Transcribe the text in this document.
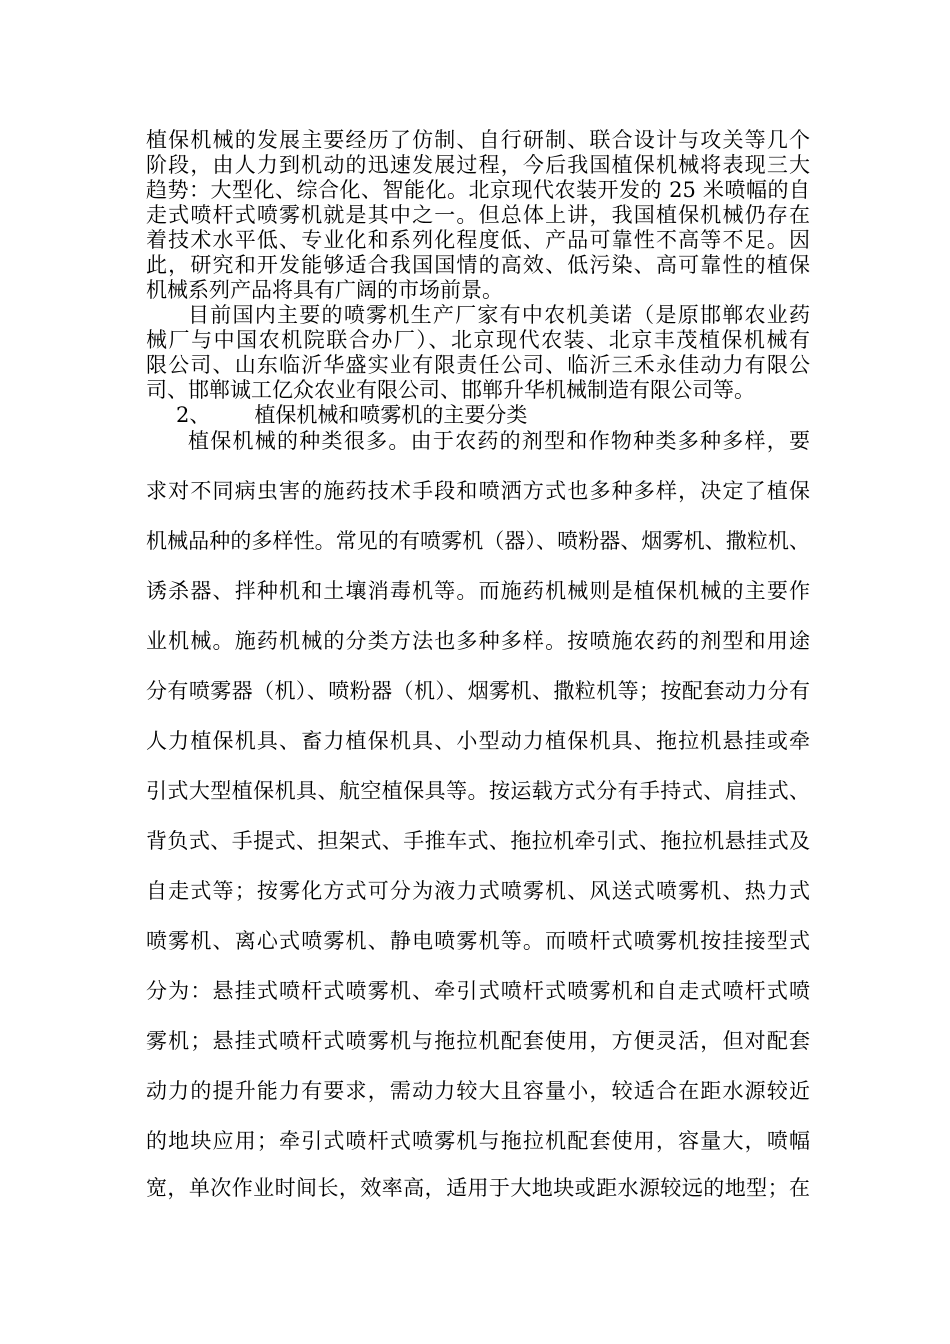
植保机械的发展主要经历了仿制、自行研制、联合设计与攻关等几个
阶段，由人力到机动的迅速发展过程，今后我国植保机械将表现三大
趋势：大型化、综合化、智能化。北京现代农装开发的 25 米喷幅的自
走式喷杆式喷雾机就是其中之一。但总体上讲，我国植保机械仍存在
着技术水平低、专业化和系列化程度低、产品可靠性不高等不足。因
此，研究和开发能够适合我国国情的高效、低污染、高可靠性的植保
机械系列产品将具有广阔的市场前景。
目前国内主要的喷雾机生产厂家有中农机美诺（是原邯郸农业药
械厂与中国农机院联合办厂）、北京现代农装、北京丰茂植保机械有
限公司、山东临沂华盛实业有限责任公司、临沂三禾永佳动力有限公
司、邯郸诚工亿众农业有限公司、邯郸升华机械制造有限公司等。
2、 植保机械和喷雾机的主要分类
植保机械的种类很多。由于农药的剂型和作物种类多种多样，要
求对不同病虫害的施药技术手段和喷洒方式也多种多样，决定了植保
机械品种的多样性。常见的有喷雾机（器）、喷粉器、烟雾机、撒粒机、
诱杀器、拌种机和土壤消毒机等。而施药机械则是植保机械的主要作
业机械。施药机械的分类方法也多种多样。按喷施农药的剂型和用途
分有喷雾器（机）、喷粉器（机）、烟雾机、撒粒机等；按配套动力分有
人力植保机具、畜力植保机具、小型动力植保机具、拖拉机悬挂或牵
引式大型植保机具、航空植保具等。按运载方式分有手持式、肩挂式、
背负式、手提式、担架式、手推车式、拖拉机牵引式、拖拉机悬挂式及
自走式等；按雾化方式可分为液力式喷雾机、风送式喷雾机、热力式
喷雾机、离心式喷雾机、静电喷雾机等。而喷杆式喷雾机按挂接型式
分为：悬挂式喷杆式喷雾机、牵引式喷杆式喷雾机和自走式喷杆式喷
雾机；悬挂式喷杆式喷雾机与拖拉机配套使用，方便灵活，但对配套
动力的提升能力有要求，需动力较大且容量小，较适合在距水源较近
的地块应用；牵引式喷杆式喷雾机与拖拉机配套使用，容量大，喷幅
宽，单次作业时间长，效率高，适用于大地块或距水源较远的地型；在
